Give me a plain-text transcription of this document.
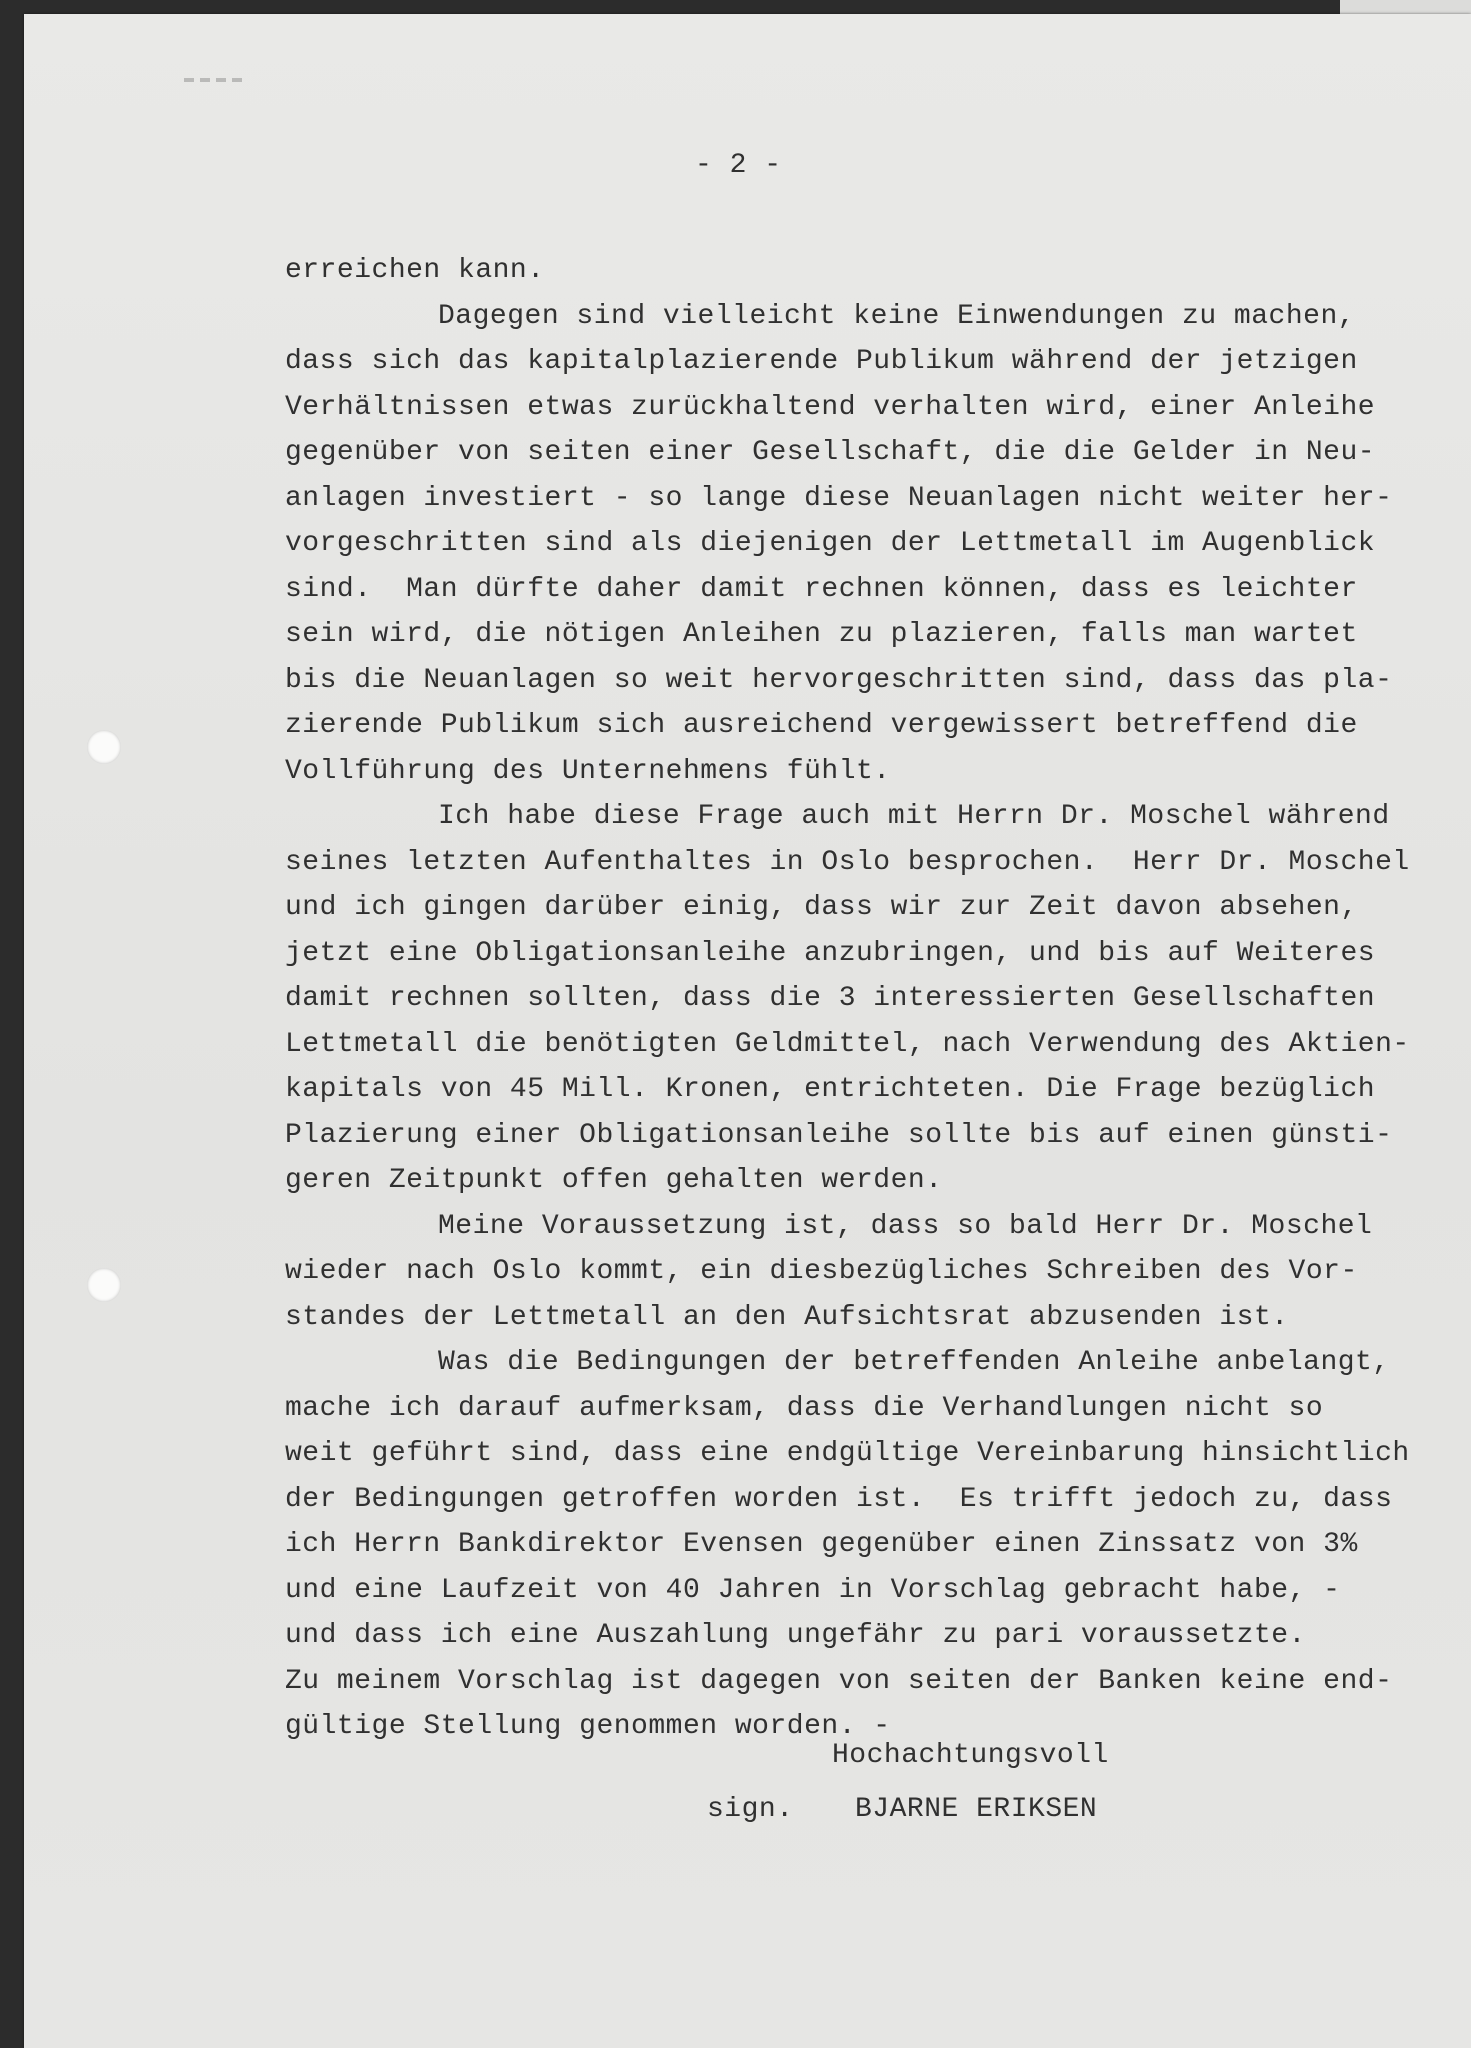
- 2 -
erreichen kann.
Dagegen sind vielleicht keine Einwendungen zu machen,
dass sich das kapitalplazierende Publikum während der jetzigen
Verhältnissen etwas zurückhaltend verhalten wird, einer Anleihe
gegenüber von seiten einer Gesellschaft, die die Gelder in Neu-
anlagen investiert - so lange diese Neuanlagen nicht weiter her-
vorgeschritten sind als diejenigen der Lettmetall im Augenblick
sind.  Man dürfte daher damit rechnen können, dass es leichter
sein wird, die nötigen Anleihen zu plazieren, falls man wartet
bis die Neuanlagen so weit hervorgeschritten sind, dass das pla-
zierende Publikum sich ausreichend vergewissert betreffend die
Vollführung des Unternehmens fühlt.
Ich habe diese Frage auch mit Herrn Dr. Moschel während
seines letzten Aufenthaltes in Oslo besprochen.  Herr Dr. Moschel
und ich gingen darüber einig, dass wir zur Zeit davon absehen,
jetzt eine Obligationsanleihe anzubringen, und bis auf Weiteres
damit rechnen sollten, dass die 3 interessierten Gesellschaften
Lettmetall die benötigten Geldmittel, nach Verwendung des Aktien-
kapitals von 45 Mill. Kronen, entrichteten. Die Frage bezüglich
Plazierung einer Obligationsanleihe sollte bis auf einen günsti-
geren Zeitpunkt offen gehalten werden.
Meine Voraussetzung ist, dass so bald Herr Dr. Moschel
wieder nach Oslo kommt, ein diesbezügliches Schreiben des Vor-
standes der Lettmetall an den Aufsichtsrat abzusenden ist.
Was die Bedingungen der betreffenden Anleihe anbelangt,
mache ich darauf aufmerksam, dass die Verhandlungen nicht so
weit geführt sind, dass eine endgültige Vereinbarung hinsichtlich
der Bedingungen getroffen worden ist.  Es trifft jedoch zu, dass
ich Herrn Bankdirektor Evensen gegenüber einen Zinssatz von 3%
und eine Laufzeit von 40 Jahren in Vorschlag gebracht habe, -
und dass ich eine Auszahlung ungefähr zu pari voraussetzte.
Zu meinem Vorschlag ist dagegen von seiten der Banken keine end-
gültige Stellung genommen worden. -
Hochachtungsvoll
sign. BJARNE ERIKSEN
